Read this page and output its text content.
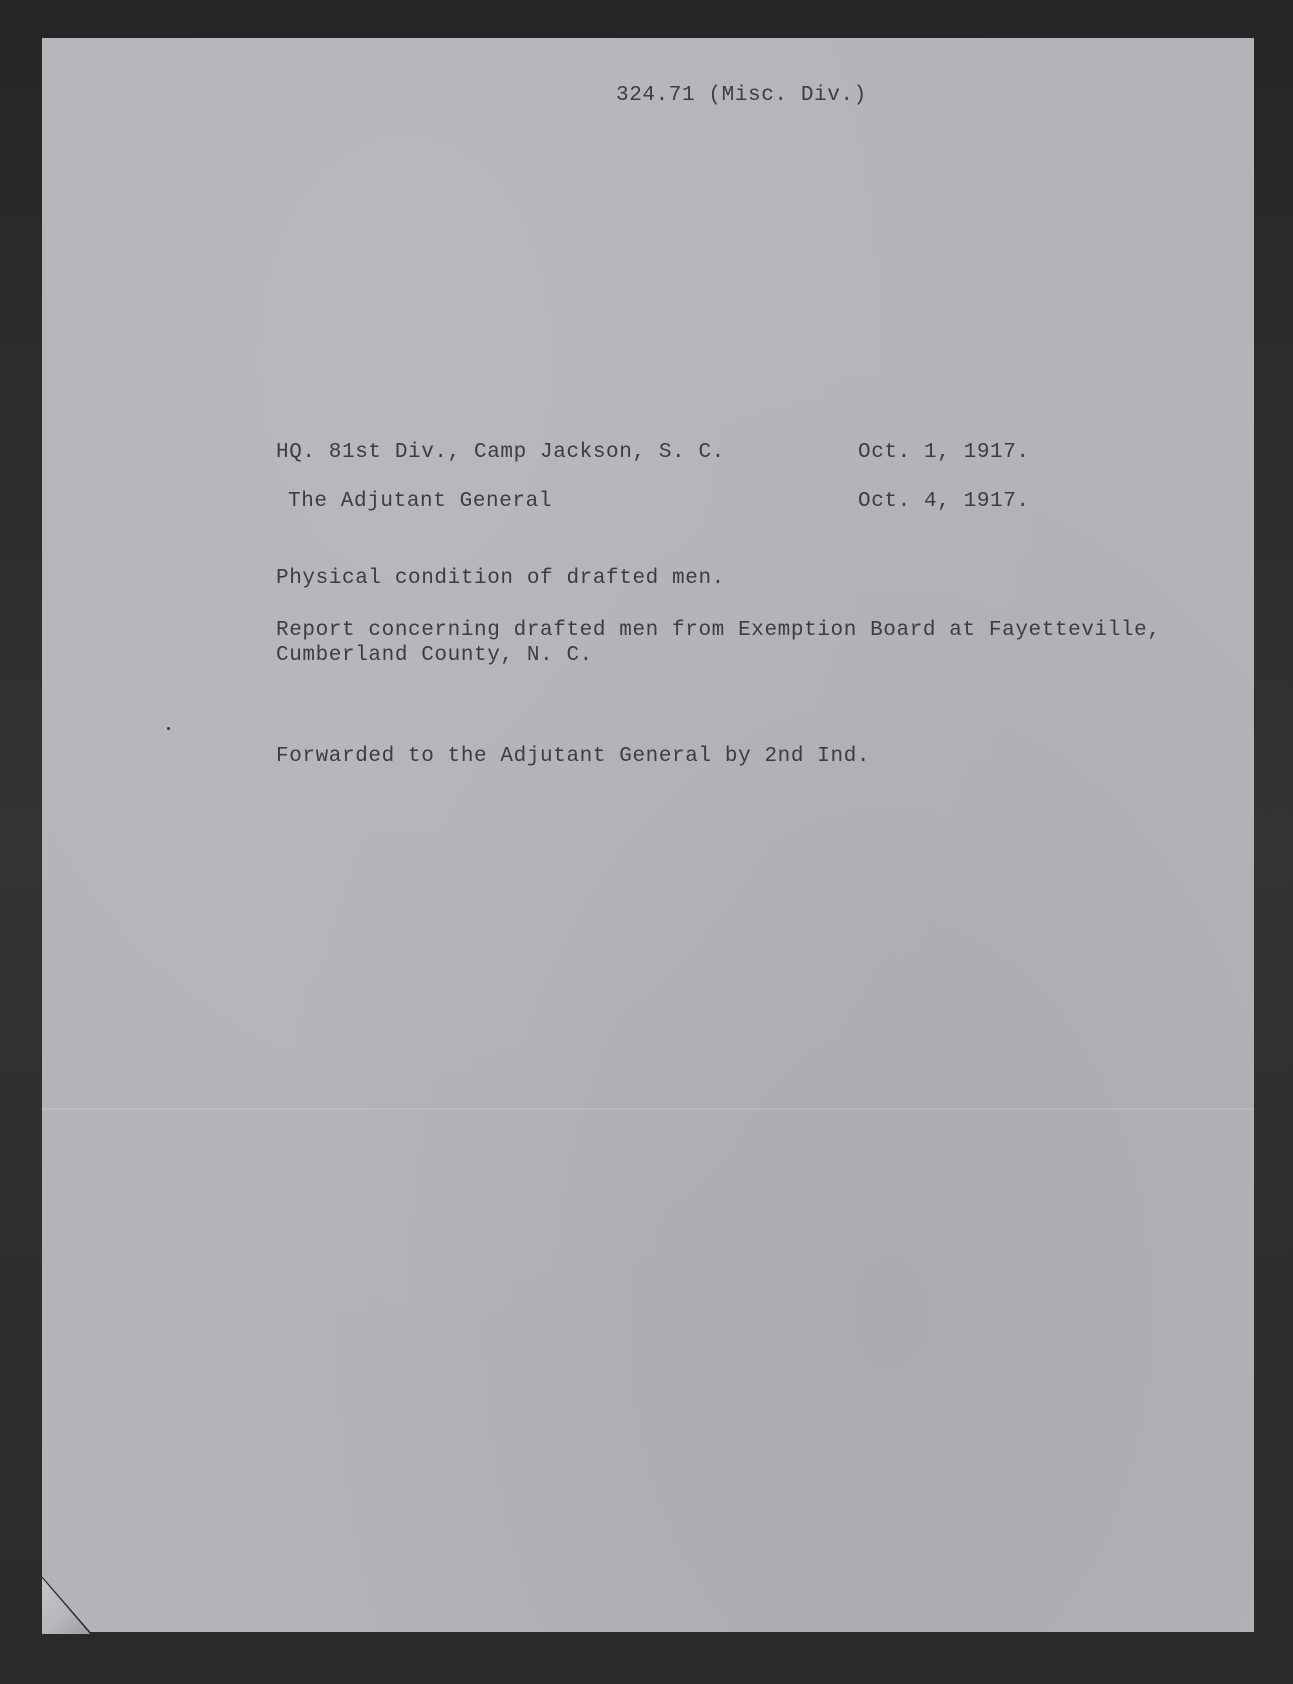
324.71 (Misc. Div.)
HQ. 81st Div., Camp Jackson, S. C.	Oct. 1, 1917.
The Adjutant General	Oct. 4, 1917.
Physical condition of drafted men.
Report concerning drafted men from Exemption Board at Fayetteville,
Cumberland County, N. C.
Forwarded to the Adjutant General by 2nd Ind.
